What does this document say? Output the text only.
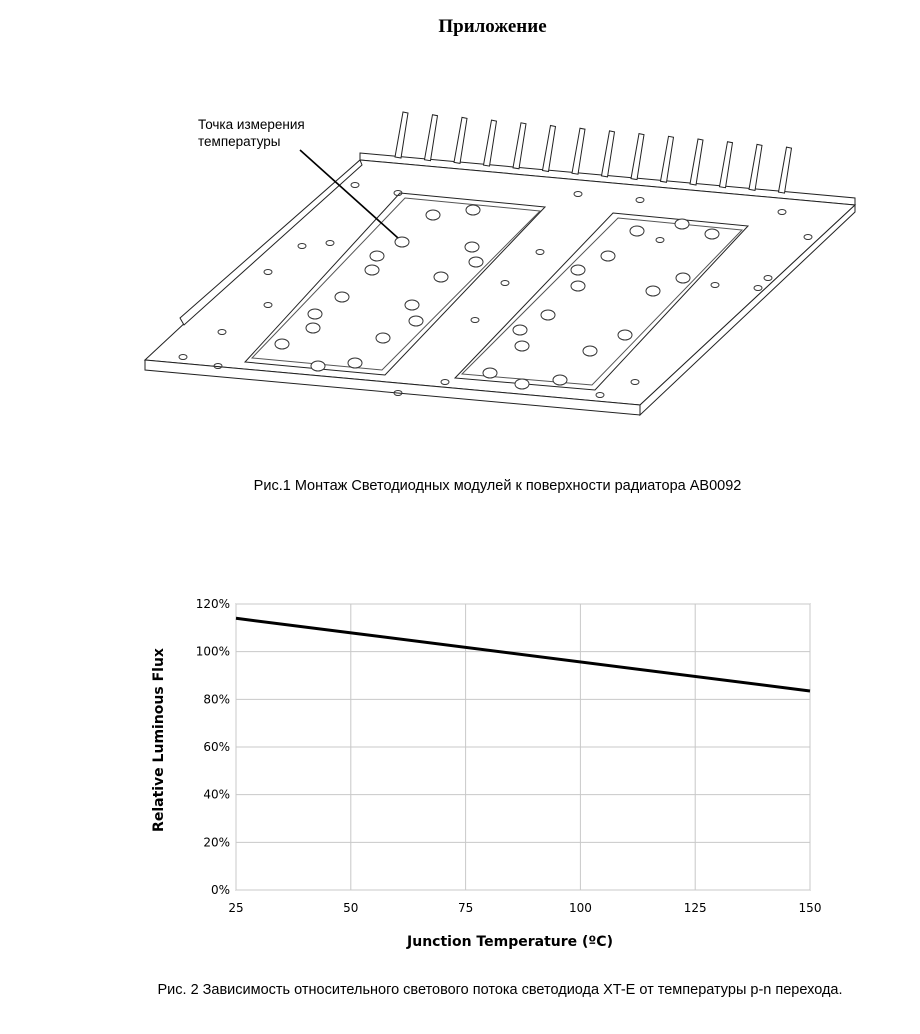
Приложение
Точка измерения температуры
Рис.1 Монтаж Светодиодных модулей к поверхности радиатора AB0092
0%
20%
40%
60%
80%
100%
120%
25	50	75	100	125	150
Junction Temperature (ºC)
Relative Luminous Flux
Рис. 2 Зависимость относительного светового потока светодиода XT-E от температуры p-n перехода.
